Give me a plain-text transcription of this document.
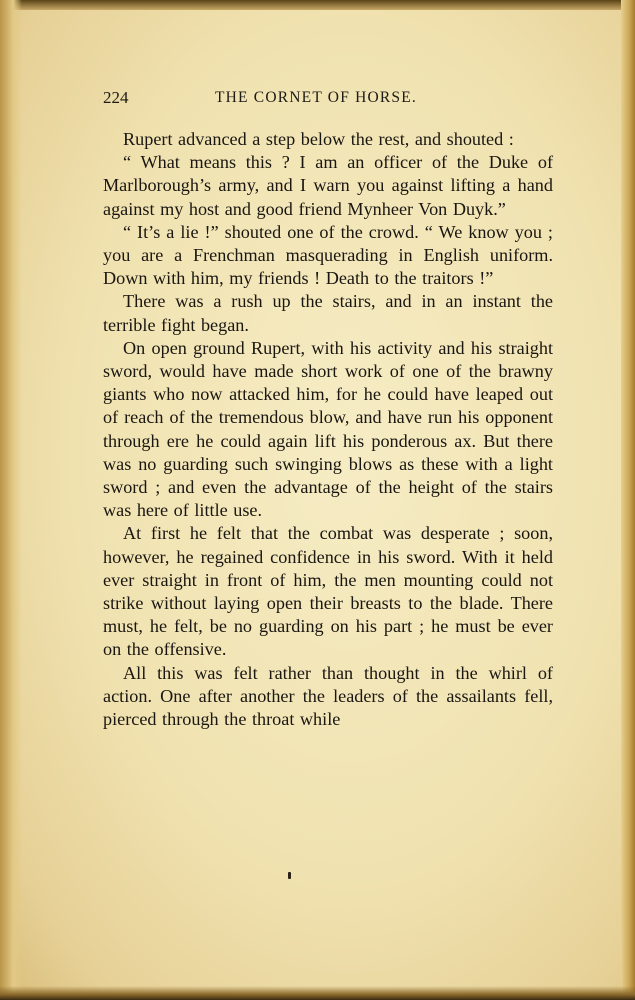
224	THE CORNET OF HORSE.

Rupert advanced a step below the rest, and shouted :

“ What means this ? I am an officer of the Duke of Marlborough’s army, and I warn you against lifting a hand against my host and good friend Mynheer Von Duyk.”

“ It’s a lie !” shouted one of the crowd. “ We know you ; you are a Frenchman masquerading in English uniform. Down with him, my friends ! Death to the traitors !”

There was a rush up the stairs, and in an instant the terrible fight began.

On open ground Rupert, with his activity and his straight sword, would have made short work of one of the brawny giants who now attacked him, for he could have leaped out of reach of the tremendous blow, and have run his opponent through ere he could again lift his ponderous ax. But there was no guarding such swinging blows as these with a light sword ; and even the advantage of the height of the stairs was here of little use.

At first he felt that the combat was desperate ; soon, however, he regained confidence in his sword. With it held ever straight in front of him, the men mounting could not strike without laying open their breasts to the blade. There must, he felt, be no guarding on his part ; he must be ever on the offensive.

All this was felt rather than thought in the whirl of action. One after another the leaders of the assailants fell, pierced through the throat while
